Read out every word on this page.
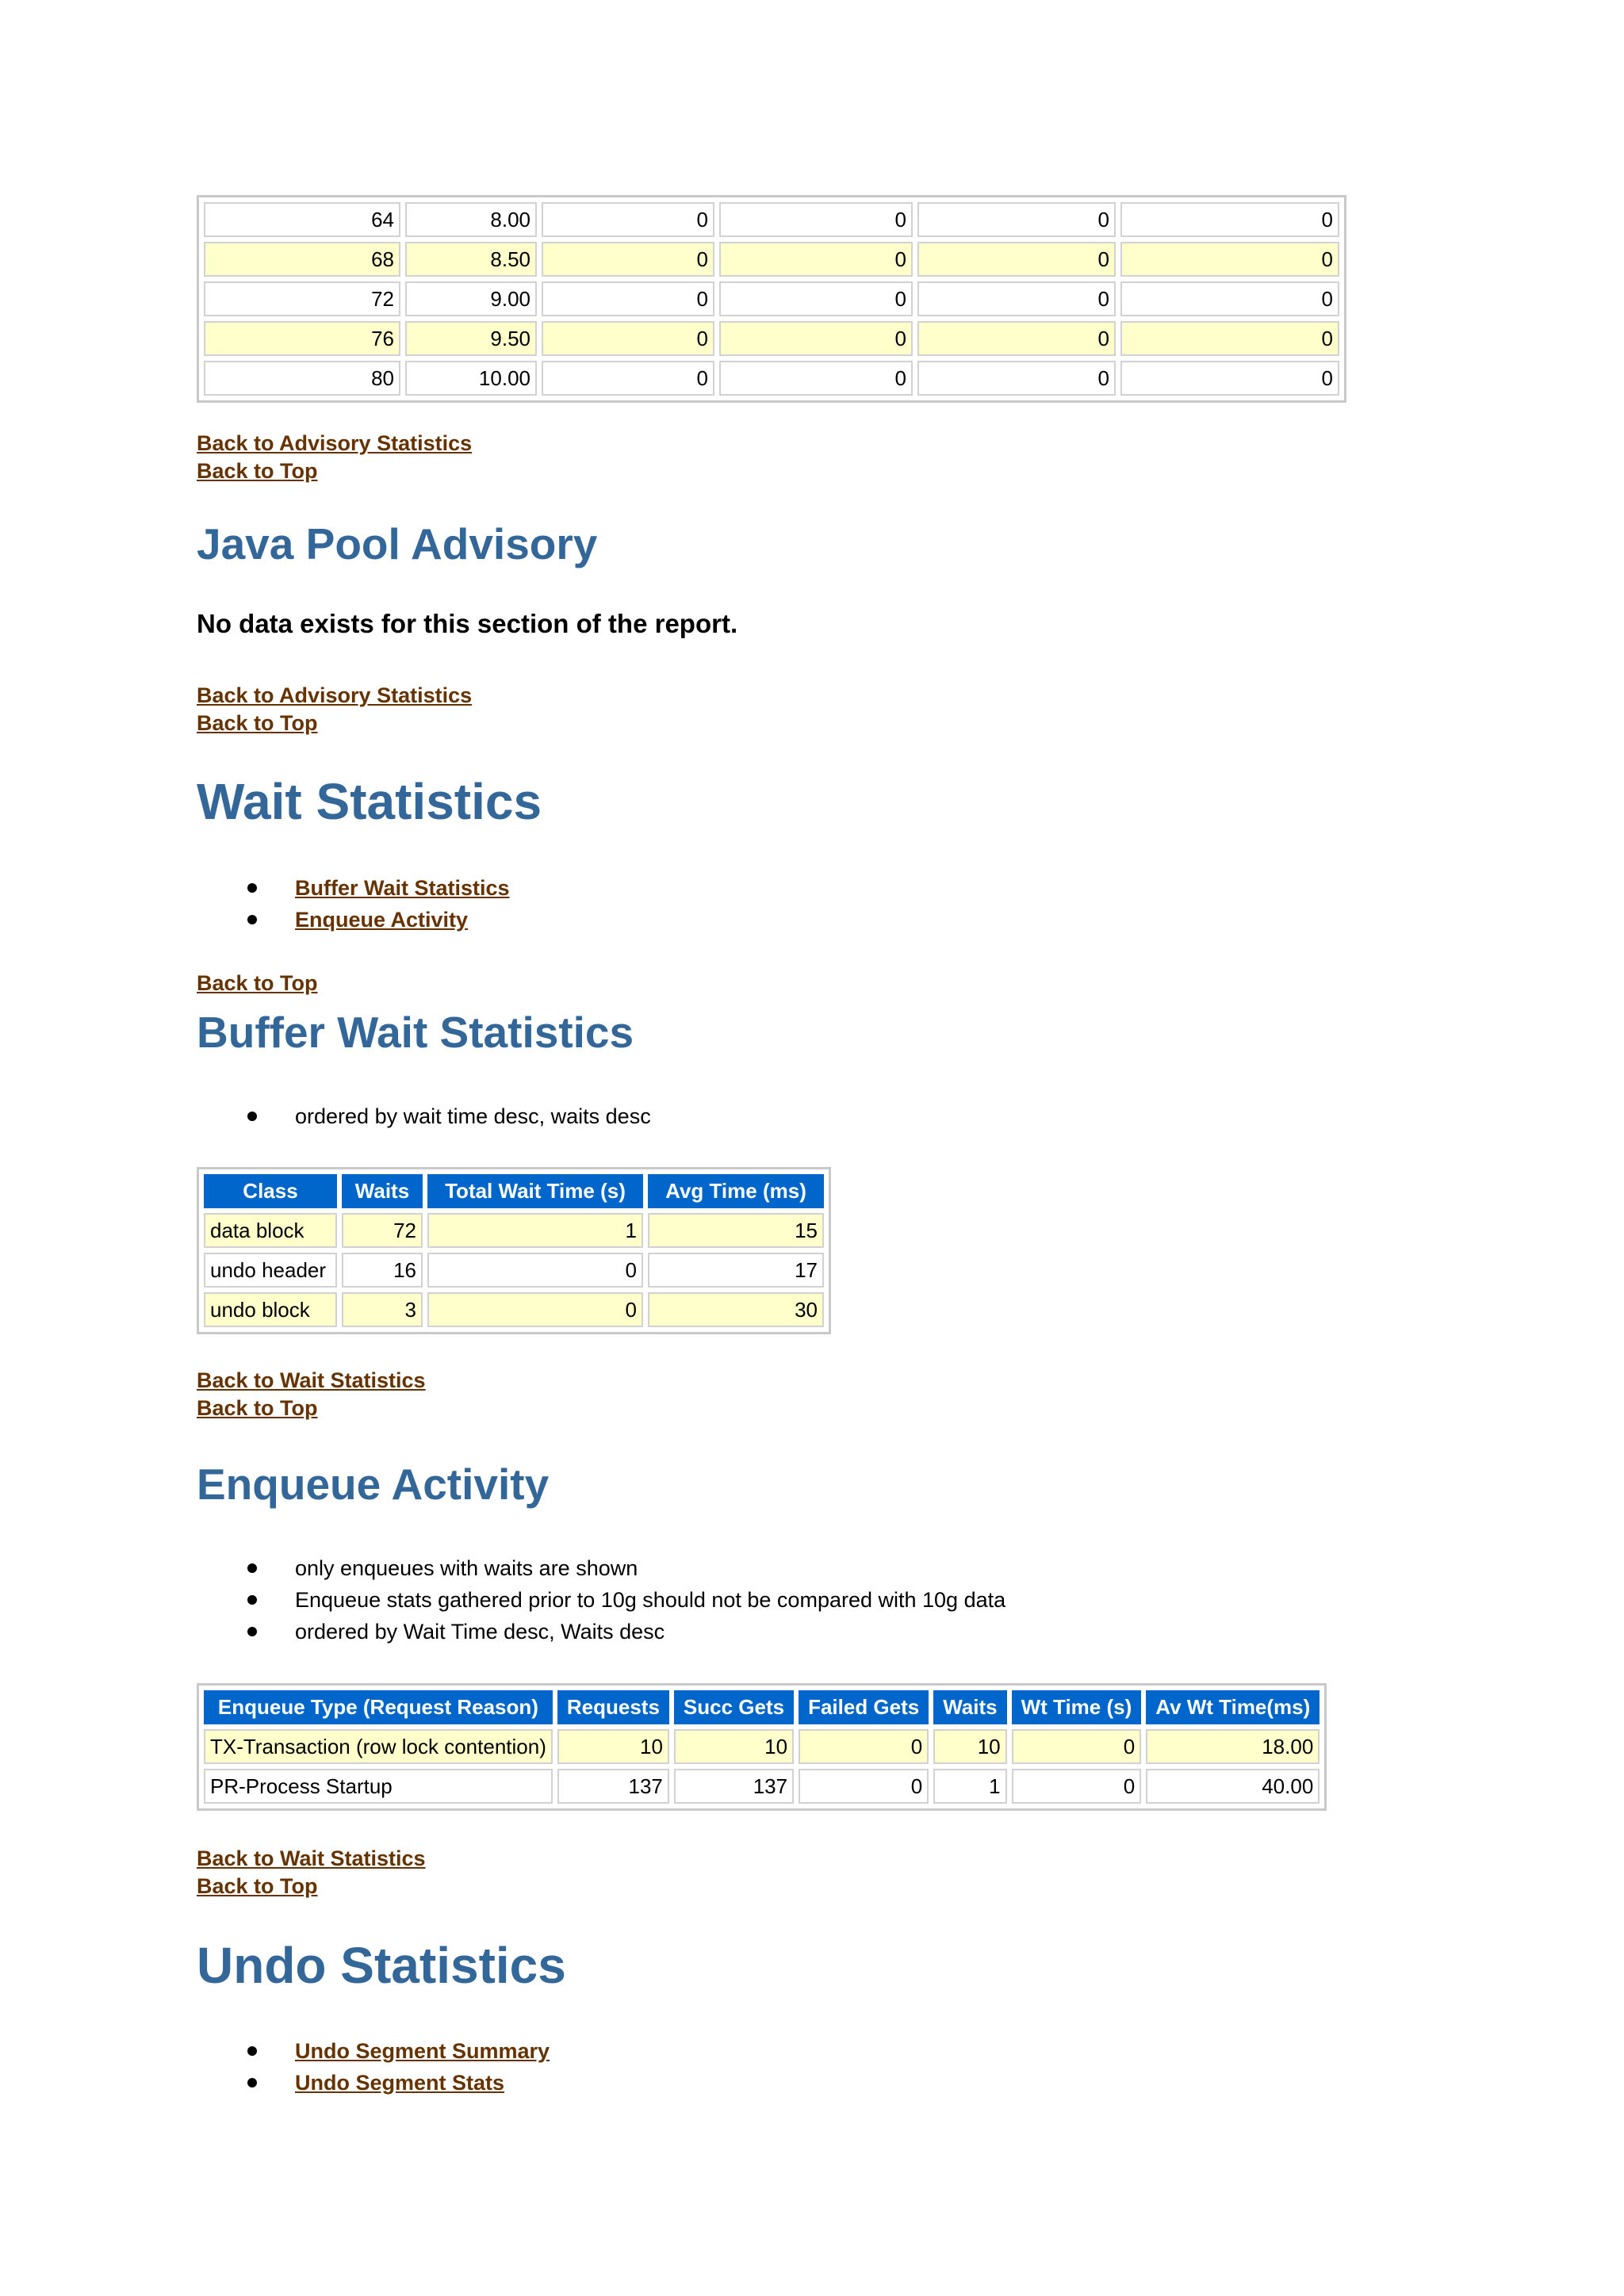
64	8.00	0	0	0	0
68	8.50	0	0	0	0
72	9.00	0	0	0	0
76	9.50	0	0	0	0
80	10.00	0	0	0	0
Back to Advisory Statistics
Back to Top
Java Pool Advisory
No data exists for this section of the report.
Back to Advisory Statistics
Back to Top
Wait Statistics
Buffer Wait Statistics
Enqueue Activity
Back to Top
Buffer Wait Statistics
ordered by wait time desc, waits desc
Class	Waits	Total Wait Time (s)	Avg Time (ms)
data block	72	1	15
undo header	16	0	17
undo block	3	0	30
Back to Wait Statistics
Back to Top
Enqueue Activity
only enqueues with waits are shown
Enqueue stats gathered prior to 10g should not be compared with 10g data
ordered by Wait Time desc, Waits desc
Enqueue Type (Request Reason)	Requests	Succ Gets	Failed Gets	Waits	Wt Time (s)	Av Wt Time(ms)
TX-Transaction (row lock contention)	10	10	0	10	0	18.00
PR-Process Startup	137	137	0	1	0	40.00
Back to Wait Statistics
Back to Top
Undo Statistics
Undo Segment Summary
Undo Segment Stats
